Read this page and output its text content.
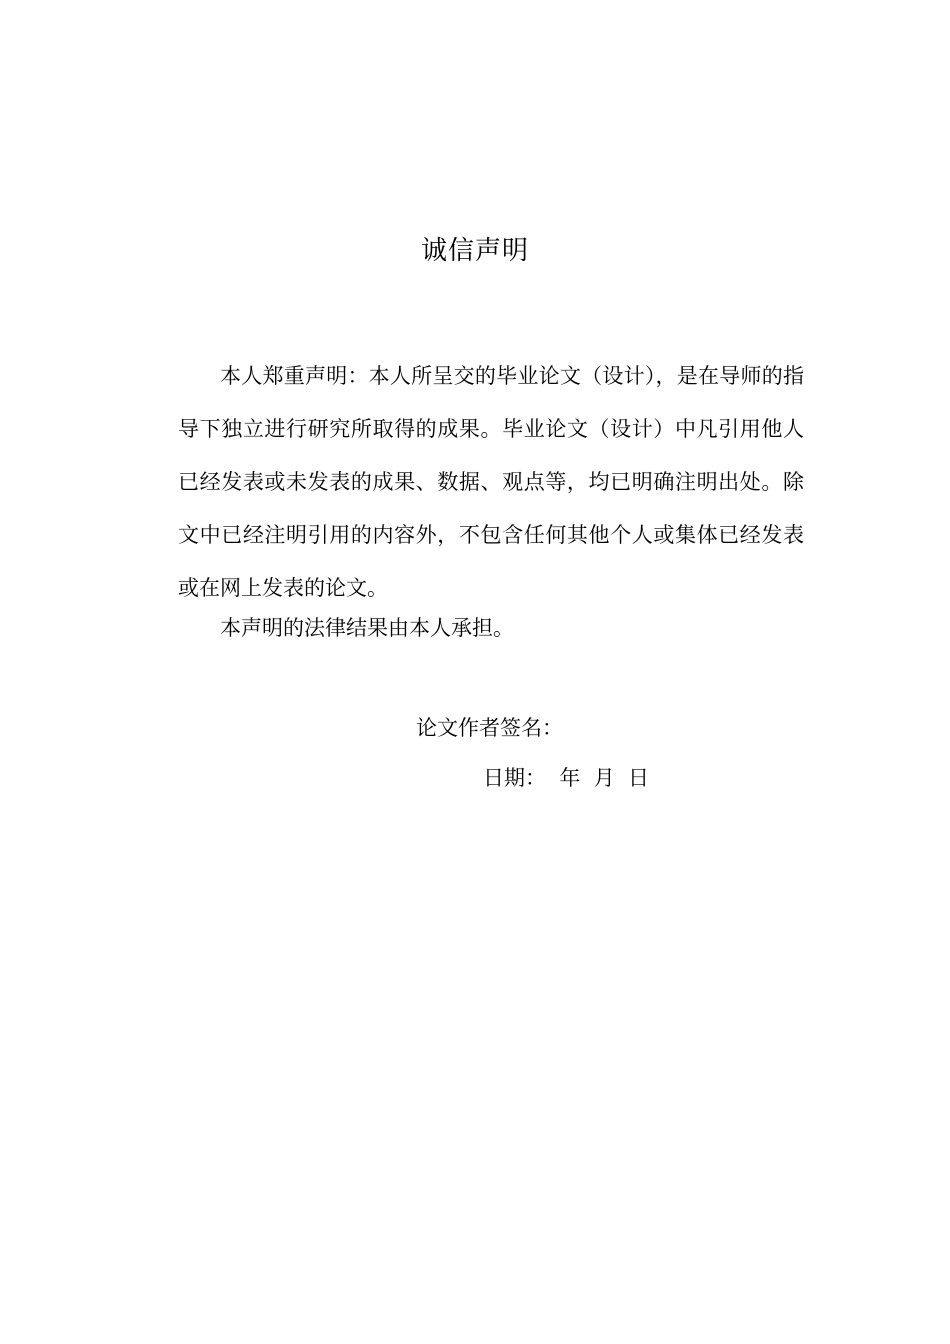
诚信声明

本人郑重声明：本人所呈交的毕业论文（设计），是在导师的指导下独立进行研究所取得的成果。毕业论文（设计）中凡引用他人已经发表或未发表的成果、数据、观点等，均已明确注明出处。除文中已经注明引用的内容外，不包含任何其他个人或集体已经发表或在网上发表的论文。

本声明的法律结果由本人承担。

论文作者签名：
日期：  年  月  日
